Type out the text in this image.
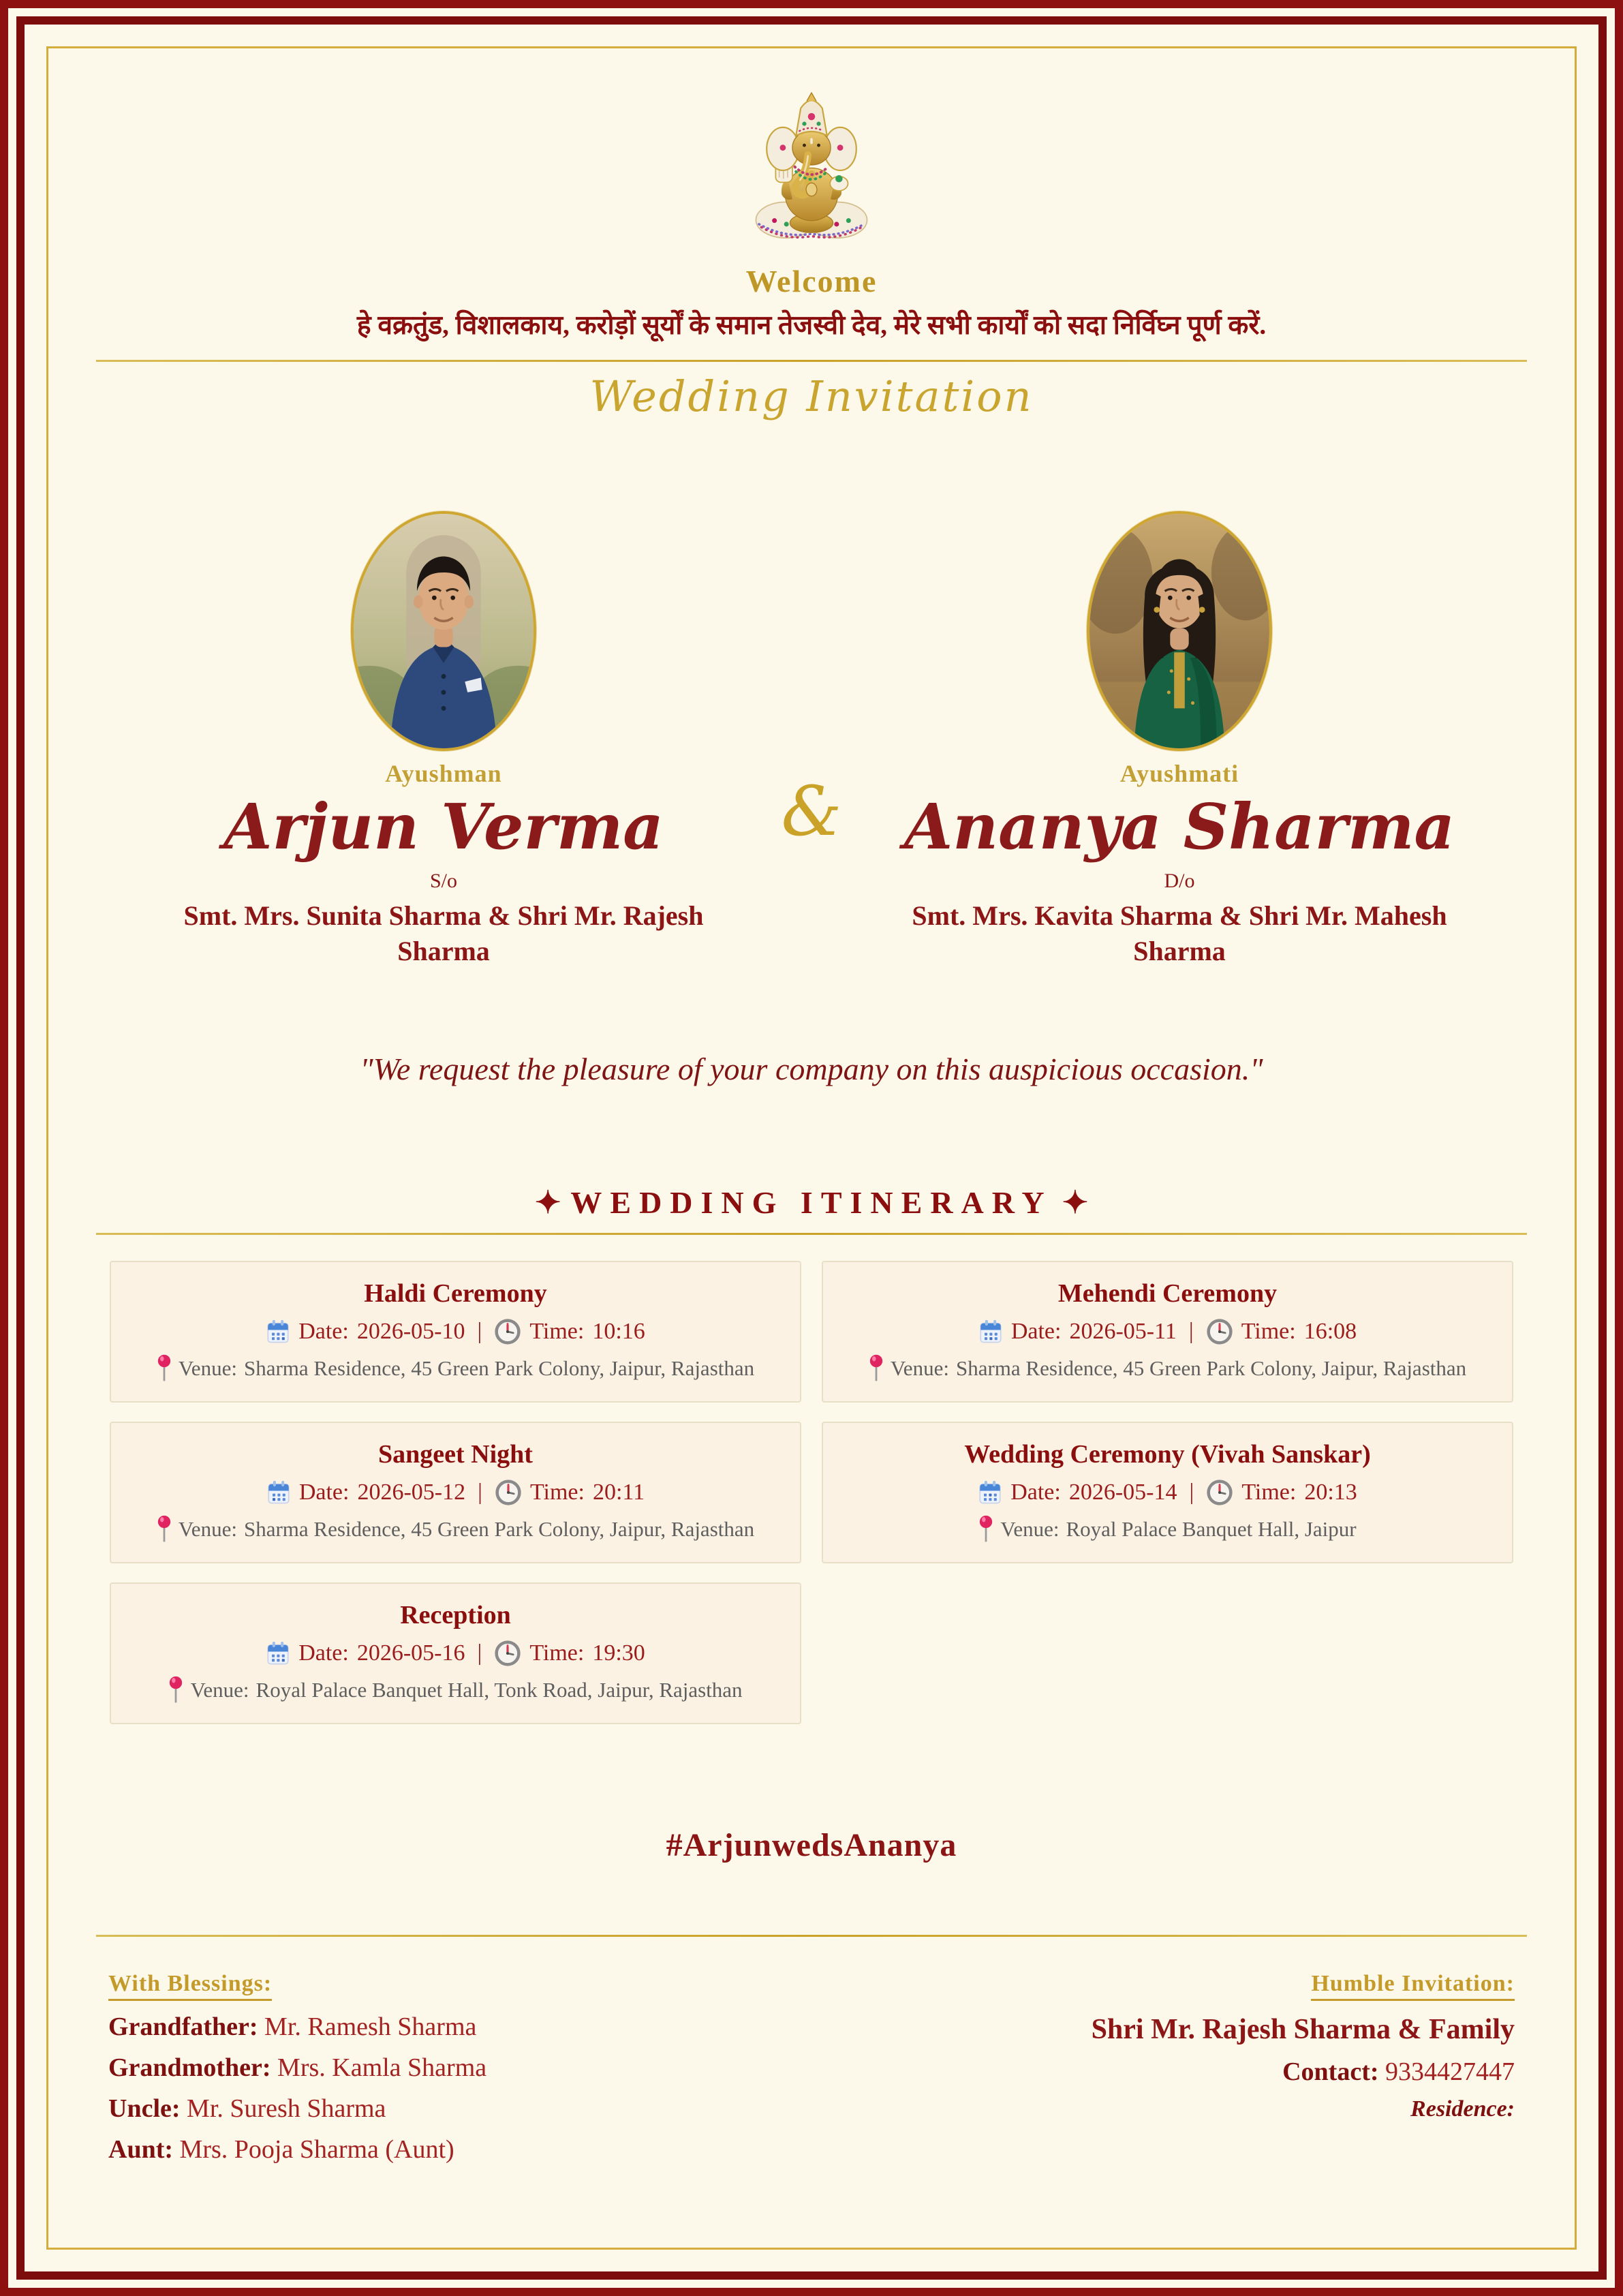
Welcome
हे वक्रतुंड, विशालकाय, करोड़ों सूर्यों के समान तेजस्वी देव, मेरे सभी कार्यों को सदा निर्विघ्न पूर्ण करें.
Wedding Invitation
Ayushman
Arjun Verma
S/o
Smt. Mrs. Sunita Sharma & Shri Mr. Rajesh Sharma
&	Ayushmati
Ananya Sharma
D/o
Smt. Mrs. Kavita Sharma & Shri Mr. Mahesh Sharma
"We request the pleasure of your company on this auspicious occasion."
✦ WEDDING ITINERARY ✦
Haldi Ceremony
Date: 2026-05-10 | Time: 10:16
Venue: Sharma Residence, 45 Green Park Colony, Jaipur, Rajasthan
Mehendi Ceremony
Date: 2026-05-11 | Time: 16:08
Venue: Sharma Residence, 45 Green Park Colony, Jaipur, Rajasthan
Sangeet Night
Date: 2026-05-12 | Time: 20:11
Venue: Sharma Residence, 45 Green Park Colony, Jaipur, Rajasthan
Wedding Ceremony (Vivah Sanskar)
Date: 2026-05-14 | Time: 20:13
Venue: Royal Palace Banquet Hall, Jaipur
Reception
Date: 2026-05-16 | Time: 19:30
Venue: Royal Palace Banquet Hall, Tonk Road, Jaipur, Rajasthan
#ArjunwedsAnanya
With Blessings:
Grandfather: Mr. Ramesh Sharma
Grandmother: Mrs. Kamla Sharma
Uncle: Mr. Suresh Sharma
Aunt: Mrs. Pooja Sharma (Aunt)
Humble Invitation:
Shri Mr. Rajesh Sharma & Family
Contact: 9334427447
Residence:
